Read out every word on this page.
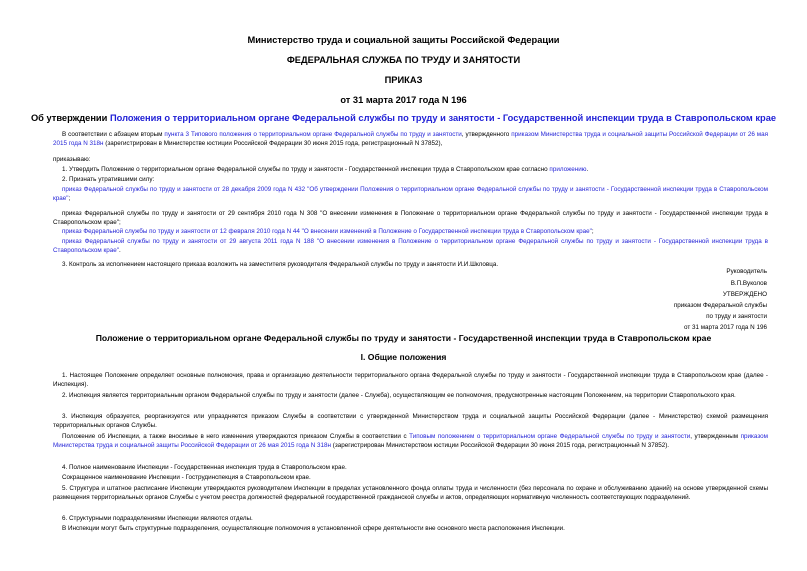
Министерство труда и социальной защиты Российской Федерации
ФЕДЕРАЛЬНАЯ СЛУЖБА ПО ТРУДУ И ЗАНЯТОСТИ
ПРИКАЗ
от 31 марта 2017 года N 196
Об утверждении Положения о территориальном органе Федеральной службы по труду и занятости - Государственной инспекции труда в Ставропольском крае

В соответствии с абзацем вторым пункта 3 Типового положения о территориальном органе Федеральной службы по труду и занятости, утвержденного приказом Министерства труда и социальной защиты Российской Федерации от 26 мая 2015 года N 318н (зарегистрирован в Министерстве юстиции Российской Федерации 30 июня 2015 года, регистрационный N 37852),

приказываю:

1. Утвердить Положение о территориальном органе Федеральной службы по труду и занятости - Государственной инспекции труда в Ставропольском крае согласно приложению.

2. Признать утратившими силу:

приказ Федеральной службы по труду и занятости от 28 декабря 2009 года N 432 "Об утверждении Положения о территориальном органе Федеральной службы по труду и занятости - Государственной инспекции труда в Ставропольском крае";

приказ Федеральной службы по труду и занятости от 29 сентября 2010 года N 308 "О внесении изменения в Положение о территориальном органе Федеральной службы по труду и занятости - Государственной инспекции труда в Ставропольском крае";

приказ Федеральной службы по труду и занятости от 12 февраля 2010 года N 44 "О внесении изменений в Положение о Государственной инспекции труда в Ставропольском крае";

приказ Федеральной службы по труду и занятости от 29 августа 2011 года N 188 "О внесении изменения в Положение о территориальном органе Федеральной службы по труду и занятости - Государственной инспекции труда в Ставропольском крае".

3. Контроль за исполнением настоящего приказа возложить на заместителя руководителя Федеральной службы по труду и занятости И.И.Шкловца.
Руководитель
В.П.Вуколов
УТВЕРЖДЕНО
приказом Федеральной службы
по труду и занятости
от 31 марта 2017 года N 196
Положение о территориальном органе Федеральной службы по труду и занятости - Государственной инспекции труда в Ставропольском крае
I. Общие положения

1. Настоящее Положение определяет основные полномочия, права и организацию деятельности территориального органа Федеральной службы по труду и занятости - Государственной инспекции труда в Ставропольском крае (далее - Инспекция).

2. Инспекция является территориальным органом Федеральной службы по труду и занятости (далее - Служба), осуществляющим ее полномочия, предусмотренные настоящим Положением, на территории Ставропольского края.

3. Инспекция образуется, реорганизуется или упраздняется приказом Службы в соответствии с утвержденной Министерством труда и социальной защиты Российской Федерации (далее - Министерство) схемой размещения территориальных органов Службы.

Положение об Инспекции, а также вносимые в него изменения утверждаются приказом Службы в соответствии с Типовым положением о территориальном органе Федеральной службы по труду и занятости, утвержденным приказом Министерства труда и социальной защиты Российской Федерации от 26 мая 2015 года N 318н (зарегистрирован Министерством юстиции Российской Федерации 30 июня 2015 года, регистрационный N 37852).

4. Полное наименование Инспекции - Государственная инспекция труда в Ставропольском крае.

Сокращенное наименование Инспекции - Гострудинспекция в Ставропольском крае.

5. Структура и штатное расписание Инспекции утверждаются руководителем Инспекции в пределах установленного фонда оплаты труда и численности (без персонала по охране и обслуживанию зданий) на основе утвержденной схемы размещения территориальных органов Службы с учетом реестра должностей федеральной государственной гражданской службы и актов, определяющих нормативную численность соответствующих подразделений.

6. Структурными подразделениями Инспекции являются отделы.

В Инспекции могут быть структурные подразделения, осуществляющие полномочия в установленной сфере деятельности вне основного места расположения Инспекции.
